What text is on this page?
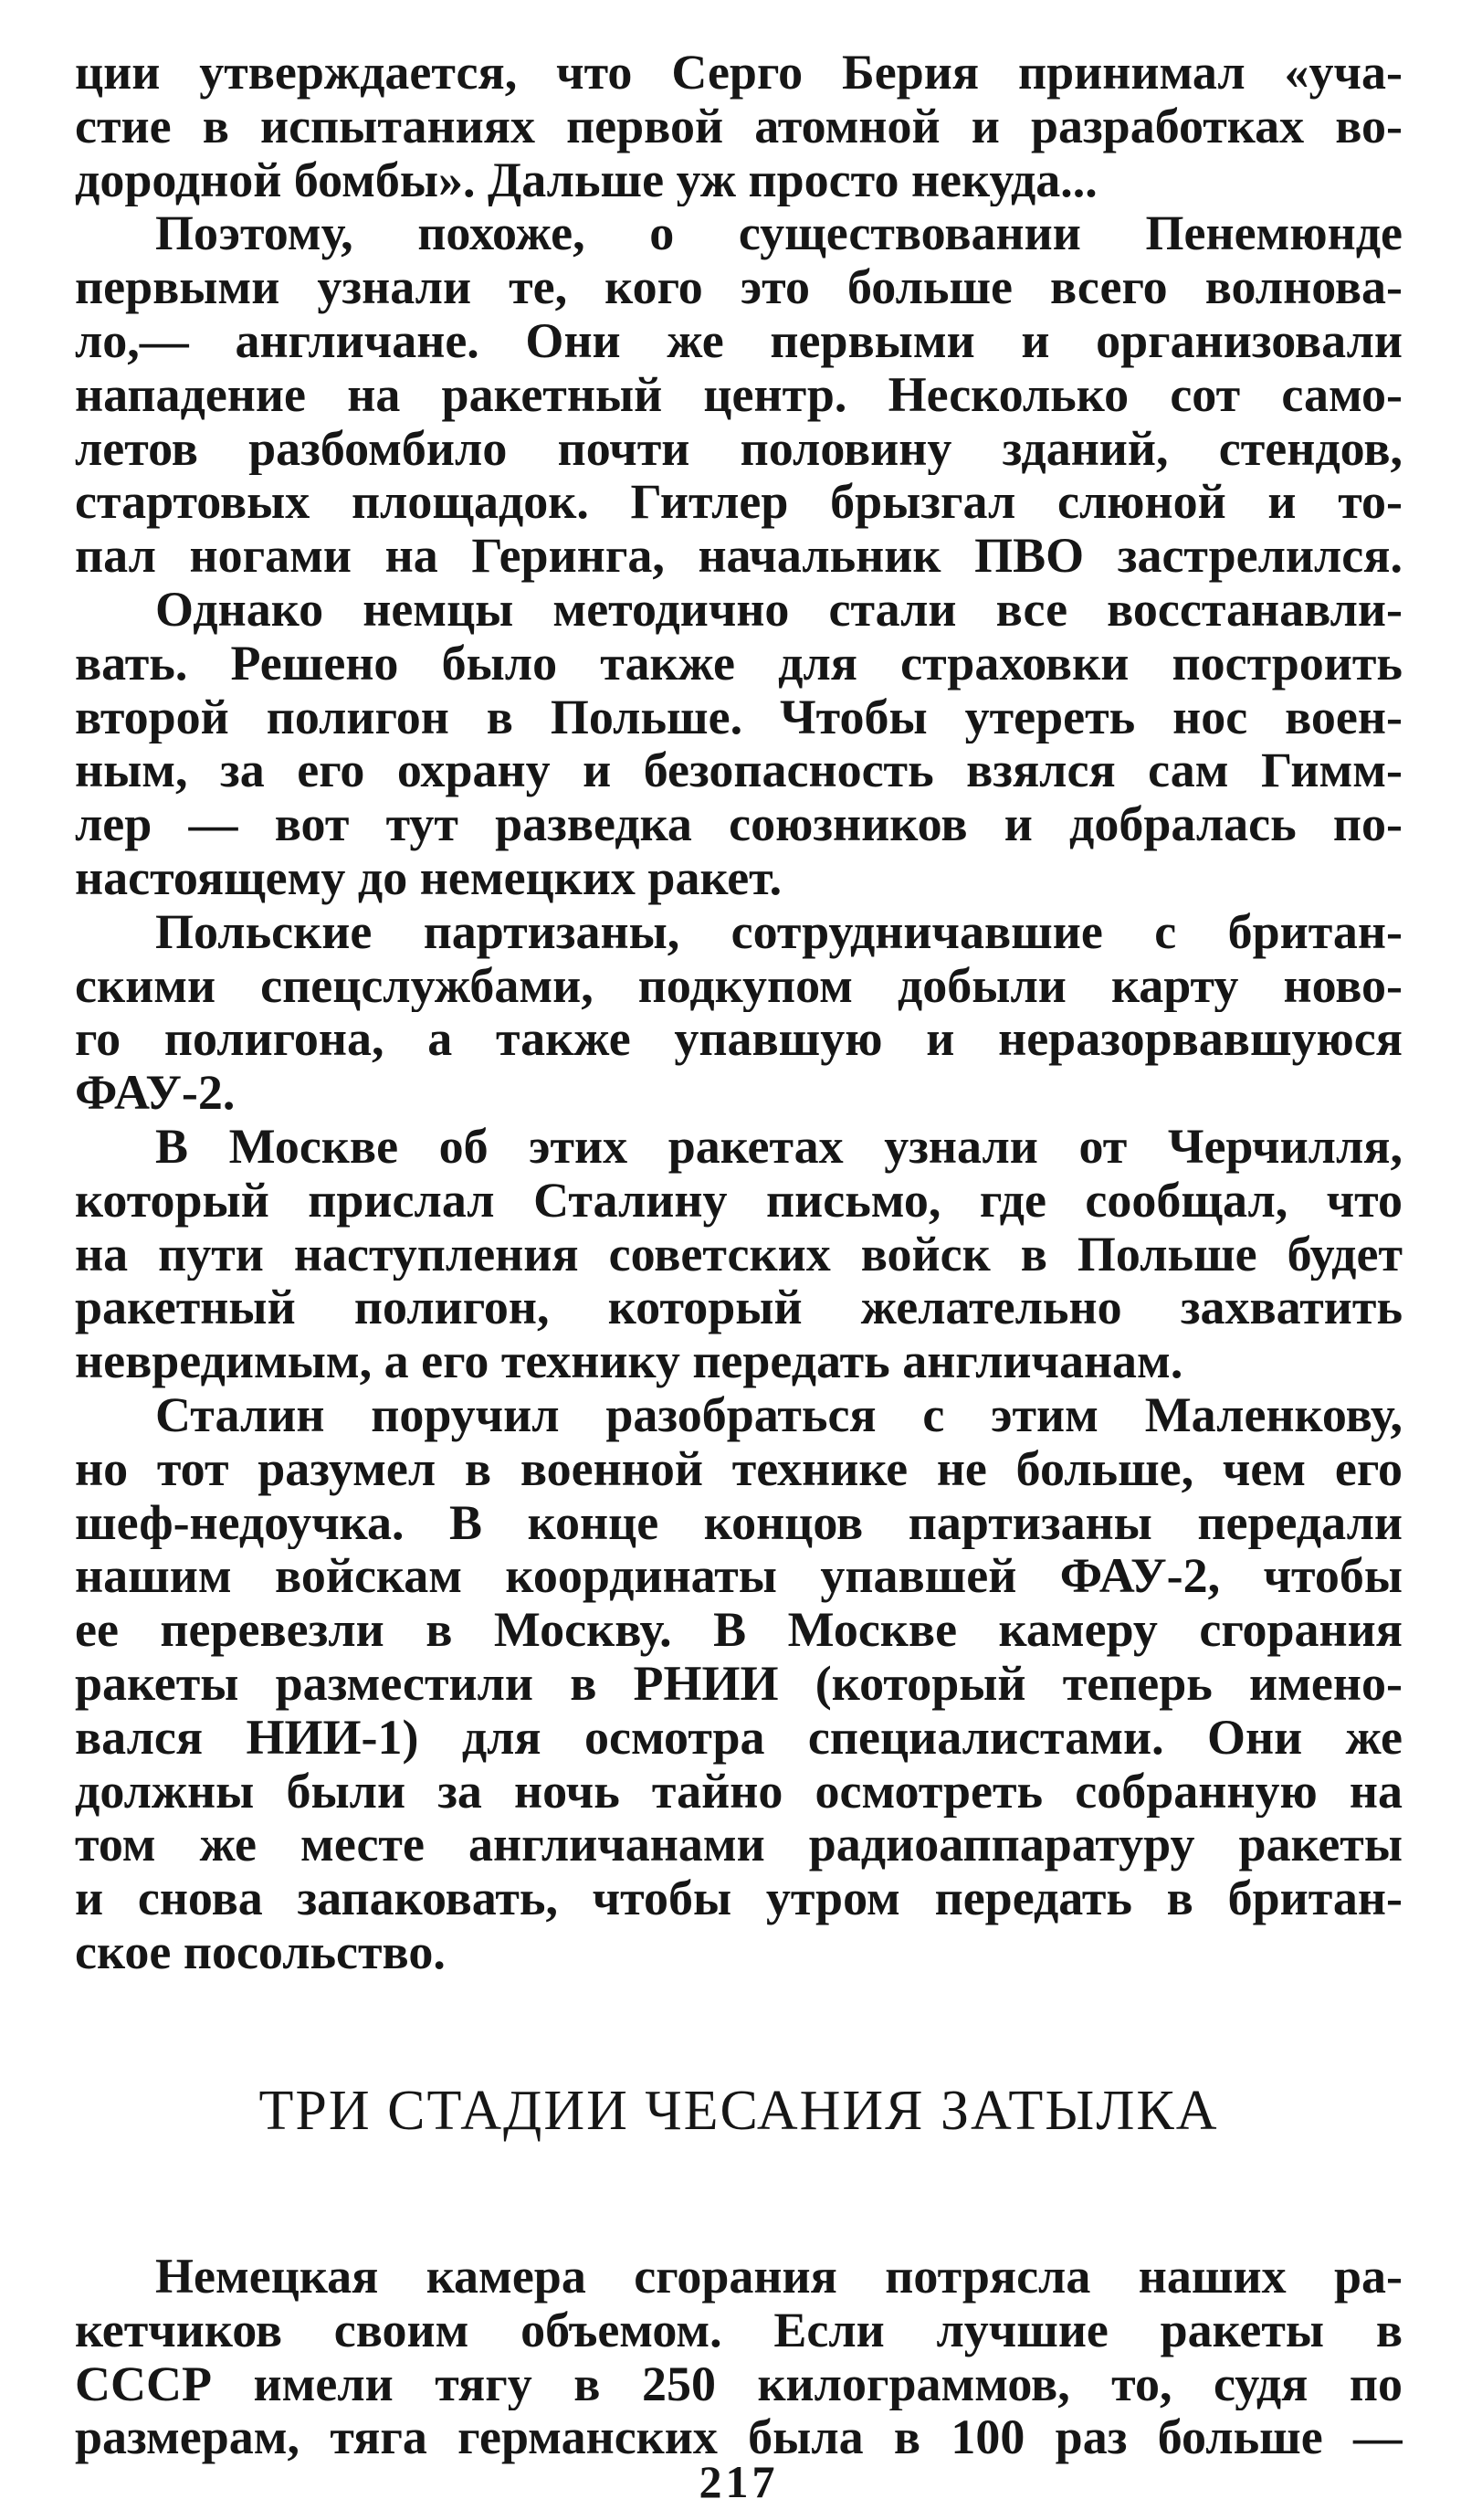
ции утверждается, что Серго Берия принимал «уча-
стие в испытаниях первой атомной и разработках во-
дородной бомбы». Дальше уж просто некуда...
Поэтому, похоже, о существовании Пенемюнде
первыми узнали те, кого это больше всего волнова-
ло,— англичане. Они же первыми и организовали
нападение на ракетный центр. Несколько сот само-
летов разбомбило почти половину зданий, стендов,
стартовых площадок. Гитлер брызгал слюной и то-
пал ногами на Геринга, начальник ПВО застрелился.
Однако немцы методично стали все восстанавли-
вать. Решено было также для страховки построить
второй полигон в Польше. Чтобы утереть нос воен-
ным, за его охрану и безопасность взялся сам Гимм-
лер — вот тут разведка союзников и добралась по-
настоящему до немецких ракет.
Польские партизаны, сотрудничавшие с британ-
скими спецслужбами, подкупом добыли карту ново-
го полигона, а также упавшую и неразорвавшуюся
ФАУ-2.
В Москве об этих ракетах узнали от Черчилля,
который прислал Сталину письмо, где сообщал, что
на пути наступления советских войск в Польше будет
ракетный полигон, который желательно захватить
невредимым, а его технику передать англичанам.
Сталин поручил разобраться с этим Маленкову,
но тот разумел в военной технике не больше, чем его
шеф-недоучка. В конце концов партизаны передали
нашим войскам координаты упавшей ФАУ-2, чтобы
ее перевезли в Москву. В Москве камеру сгорания
ракеты разместили в РНИИ (который теперь имено-
вался НИИ-1) для осмотра специалистами. Они же
должны были за ночь тайно осмотреть собранную на
том же месте англичанами радиоаппаратуру ракеты
и снова запаковать, чтобы утром передать в британ-
ское посольство.
ТРИ СТАДИИ ЧЕСАНИЯ ЗАТЫЛКА
Немецкая камера сгорания потрясла наших ра-
кетчиков своим объемом. Если лучшие ракеты в
СССР имели тягу в 250 килограммов, то, судя по
размерам, тяга германских была в 100 раз больше —
217
